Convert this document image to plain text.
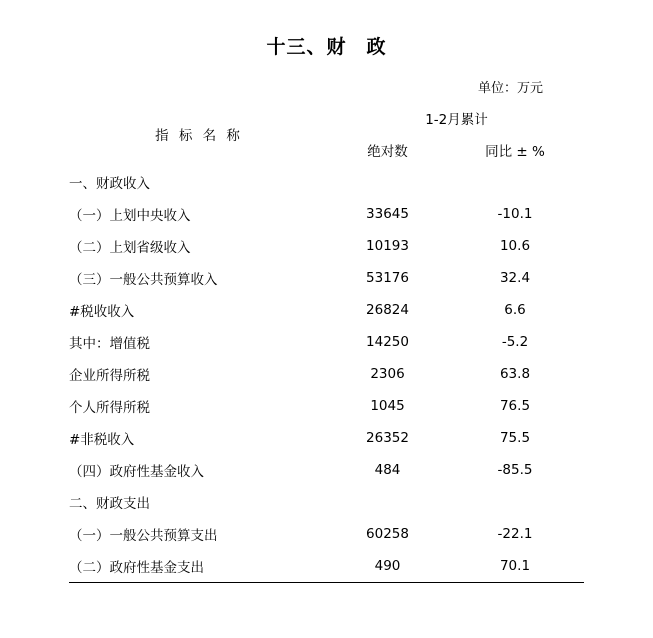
十三、财　政
单位：万元
指 标 名 称	1-2月累计	
	绝对数	同比 ± %
一、财政收入		
（一）上划中央收入	33645	-10.1
（二）上划省级收入	10193	10.6
（三）一般公共预算收入	53176	32.4
#税收收入	26824	6.6
其中：增值税	14250	-5.2
企业所得所税	2306	63.8
个人所得所税	1045	76.5
#非税收入	26352	75.5
（四）政府性基金收入	484	-85.5
二、财政支出		
（一）一般公共预算支出	60258	-22.1
（二）政府性基金支出	490	70.1
